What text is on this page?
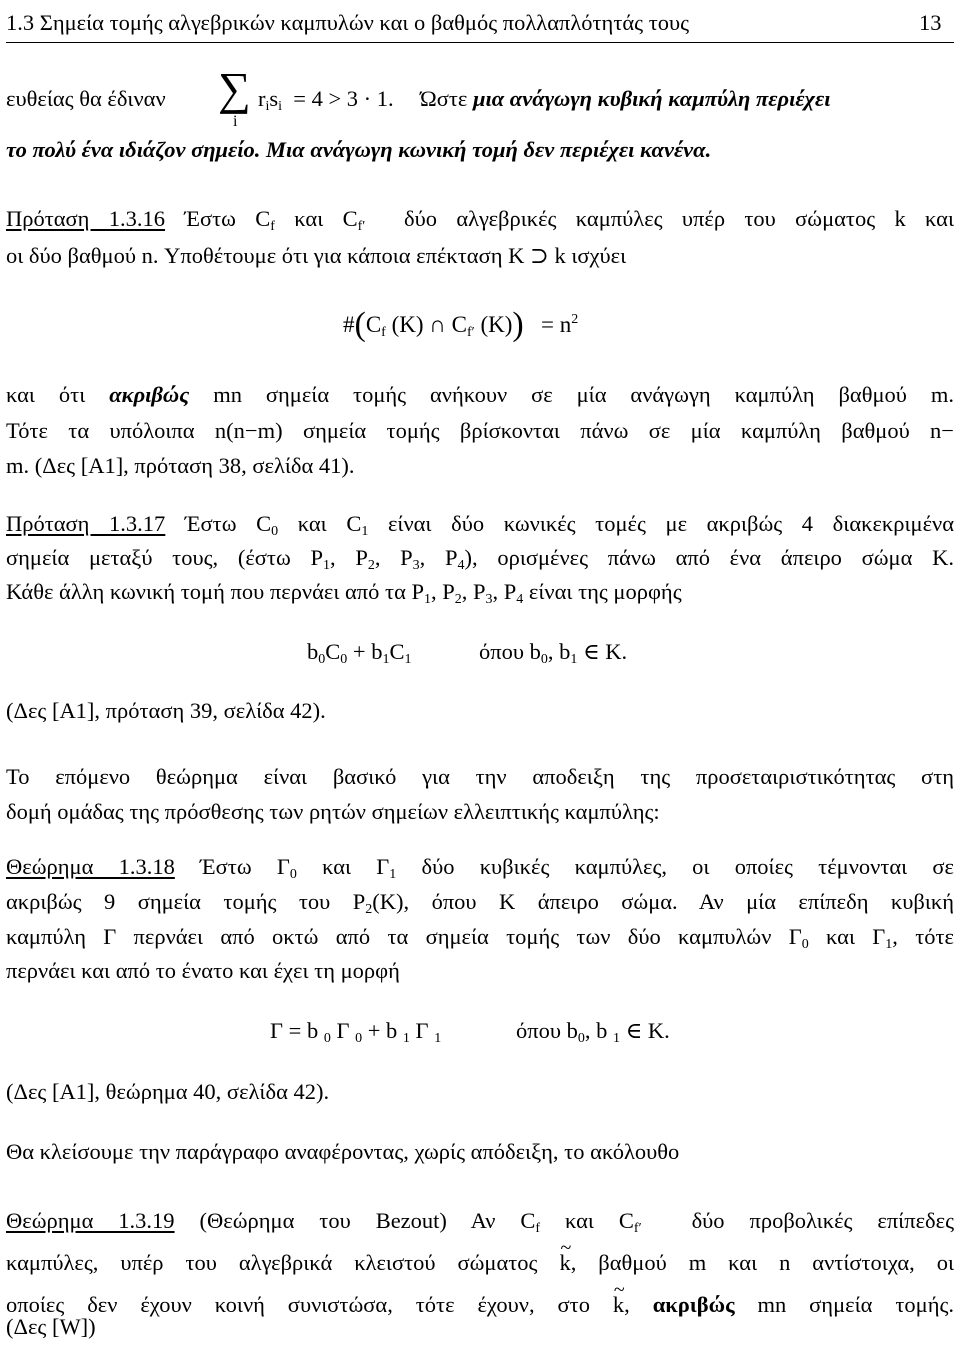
1.3 Σημεία τομής αλγεβρικών καμπυλών και ο βαθμός πολλαπλότητάς τους	13
ευθείας θα έδιναν ∑
i
$r_is_i = 4 > 3 \cdot 1$. Ώστε μια ανάγωγη κυβική καμπύλη περιέχει
το πολύ ένα ιδιάζον σημείο. Μια ανάγωγη κωνική τομή δεν περιέχει κανένα.
Πρόταση 1.3.16 Έστω $C_f$ και $C_{f'}$ δύο αλγεβρικές καμπύλες υπέρ του σώματος k και
οι δύο βαθμού n. Υποθέτουμε ότι για κάποια επέκταση K ⊃ k ισχύει
$\#(C_f$ (K) ∩ $C_{f'}$ $(K)) = n^2$
και ότι ακριβώς mn σημεία τομής ανήκουν σε μία ανάγωγη καμπύλη βαθμού m.
Τότε τα υπόλοιπα n(n−m) σημεία τομής βρίσκονται πάνω σε μία καμπύλη βαθμού n−
m. (Δες [A1], πρόταση 38, σελίδα 41).
Πρόταση 1.3.17 Έστω $C_0$ και $C_1$ είναι δύο κωνικές τομές με ακριβώς 4 διακεκριμένα
σημεία μεταξύ τους, (έστω $P_1$, $P_2$, $P_3$, $P_4$), ορισμένες πάνω από ένα άπειρο σώμα K.
Κάθε άλλη κωνική τομή που περνάει από τα $P_1$, $P_2$, $P_3$, $P_4$ είναι της μορφής
$b_0C_0 + b_1C_1$	όπου $b_0$, $b_1$ ∈ K.
(Δες [A1], πρόταση 39, σελίδα 42).
Το επόμενο θεώρημα είναι βασικό για την αποδειξη της προσεταιριστικότητας στη
δομή ομάδας της πρόσθεσης των ρητών σημείων ελλειπτικής καμπύλης:
Θεώρημα 1.3.18 Έστω $\Gamma_0$ και $\Gamma_1$ δύο κυβικές καμπύλες, οι οποίες τέμνονται σε
ακριβώς 9 σημεία τομής του $P_2(K)$, όπου K άπειρο σώμα. Αν μία επίπεδη κυβική
καμπύλη Γ περνάει από οκτώ από τα σημεία τομής των δύο καμπυλών $\Gamma_0$ και $\Gamma_1$, τότε
περνάει και από το ένατο και έχει τη μορφή
Γ = b $_0$ Γ $_0$ + b $_1$ Γ $_1$	όπου $b_0$, b $_1$ ∈ K.
(Δες [A1], θεώρημα 40, σελίδα 42).
Θα κλείσουμε την παράγραφο αναφέροντας, χωρίς απόδειξη, το ακόλουθο
Θεώρημα 1.3.19 (Θεώρημα του Bezout) Αν $C_f$ και $C_{f'}$ δύο προβολικές επίπεδες
καμπύλες, υπέρ του αλγεβρικά κλειστού σώματος ~ k, βαθμού m και n αντίστοιχα, οι
οποίες δεν έχουν κοινή συνιστώσα, τότε έχουν, στο ~ k, ακριβώς mn σημεία τομής.
(Δες [W])
